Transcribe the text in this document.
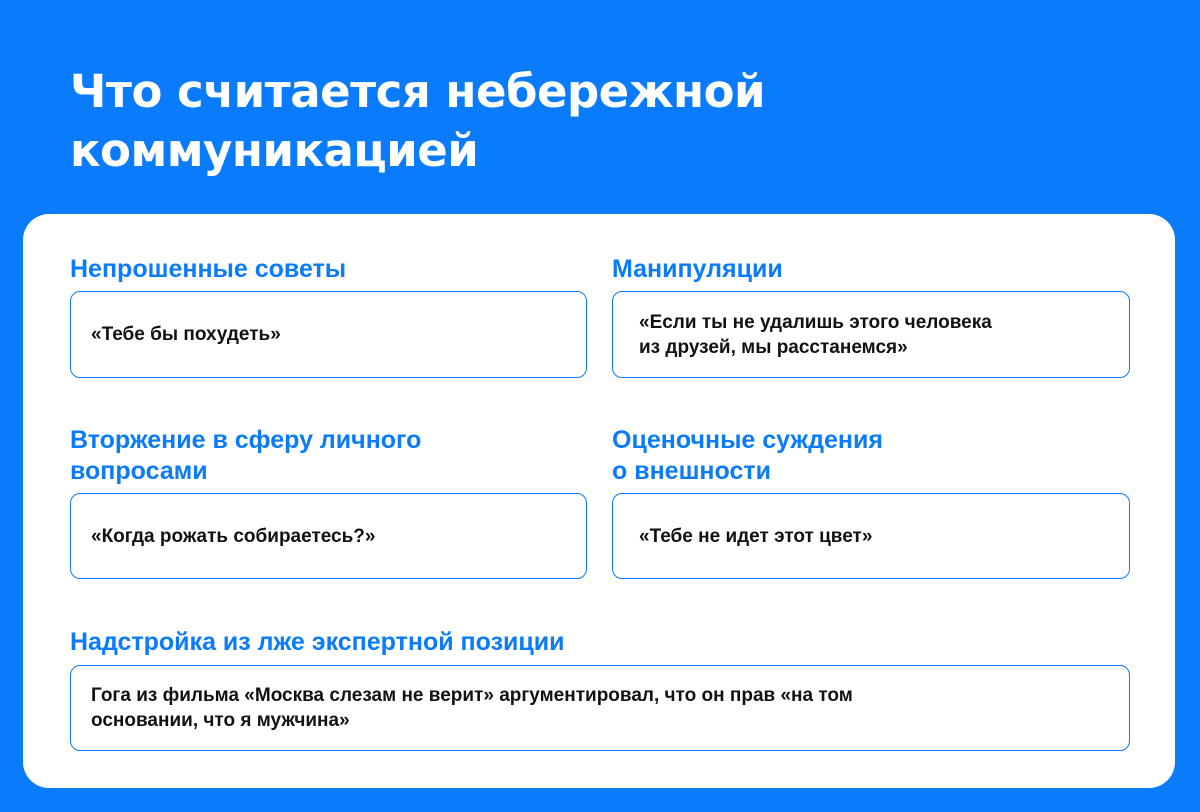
Что считается небережной
коммуникацией
Непрошенные советы
«Тебе бы похудеть»
Манипуляции
«Если ты не удалишь этого человека
из друзей, мы расстанемся»
Вторжение в сферу личного
вопросами
«Когда рожать собираетесь?»
Оценочные суждения
о внешности
«Тебе не идет этот цвет»
Надстройка из лже экспертной позиции
Гога из фильма «Москва слезам не верит» аргументировал, что он прав «на том
основании, что я мужчина»
